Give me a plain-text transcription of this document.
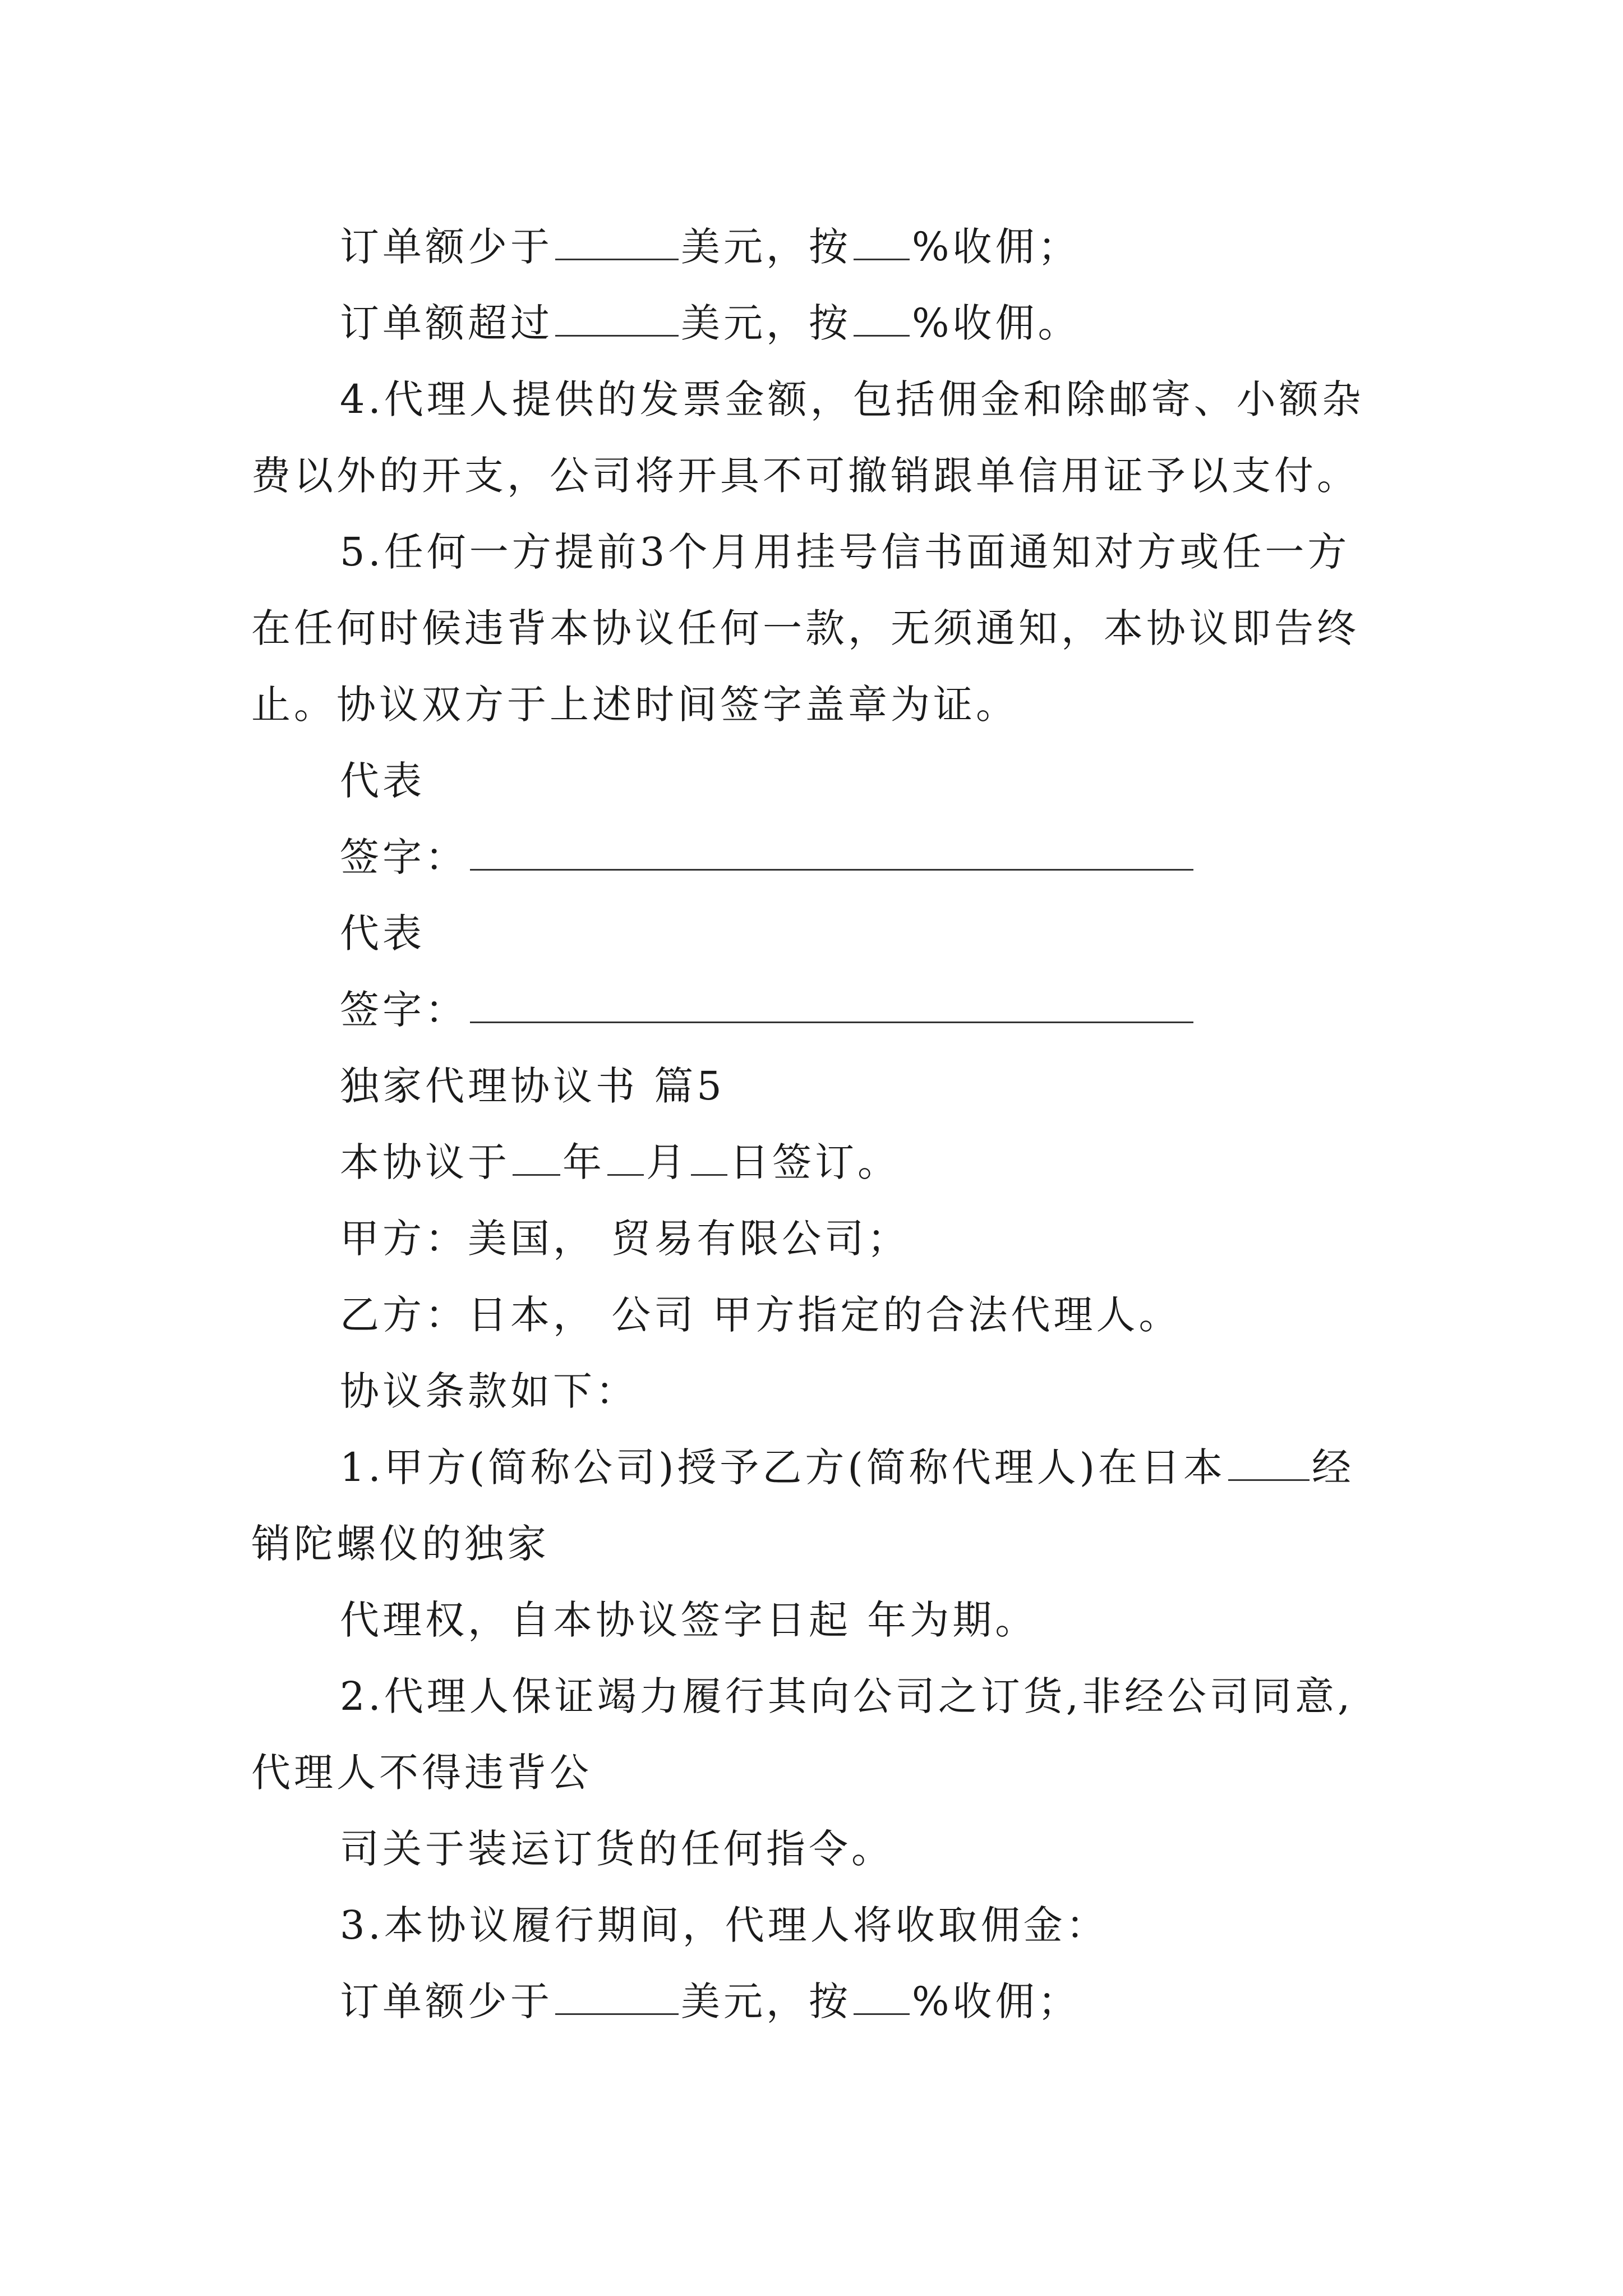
订单额少于	美元，按 %收佣；
订单额超过	美元，按 %收佣。
4.代理人提供的发票金额，包括佣金和除邮寄、小额杂
费以外的开支，公司将开具不可撤销跟单信用证予以支付。
5.任何一方提前3个月用挂号信书面通知对方或任一方
在任何时候违背本协议任何一款，无须通知，本协议即告终
止。协议双方于上述时间签字盖章为证。
代表
签字：
代表
签字：
独家代理协议书 篇5
本协议于 年 月 日签订。
甲方：美国， 贸易有限公司；
乙方：日本， 公司 甲方指定的合法代理人。
协议条款如下：
1.甲方(简称公司)授予乙方(简称代理人)在日本 经
销陀螺仪的独家
代理权，自本协议签字日起 年为期。
2.代理人保证竭力履行其向公司之订货,非经公司同意,
代理人不得违背公
司关于装运订货的任何指令。
3.本协议履行期间，代理人将收取佣金：
订单额少于	美元，按 %收佣；
